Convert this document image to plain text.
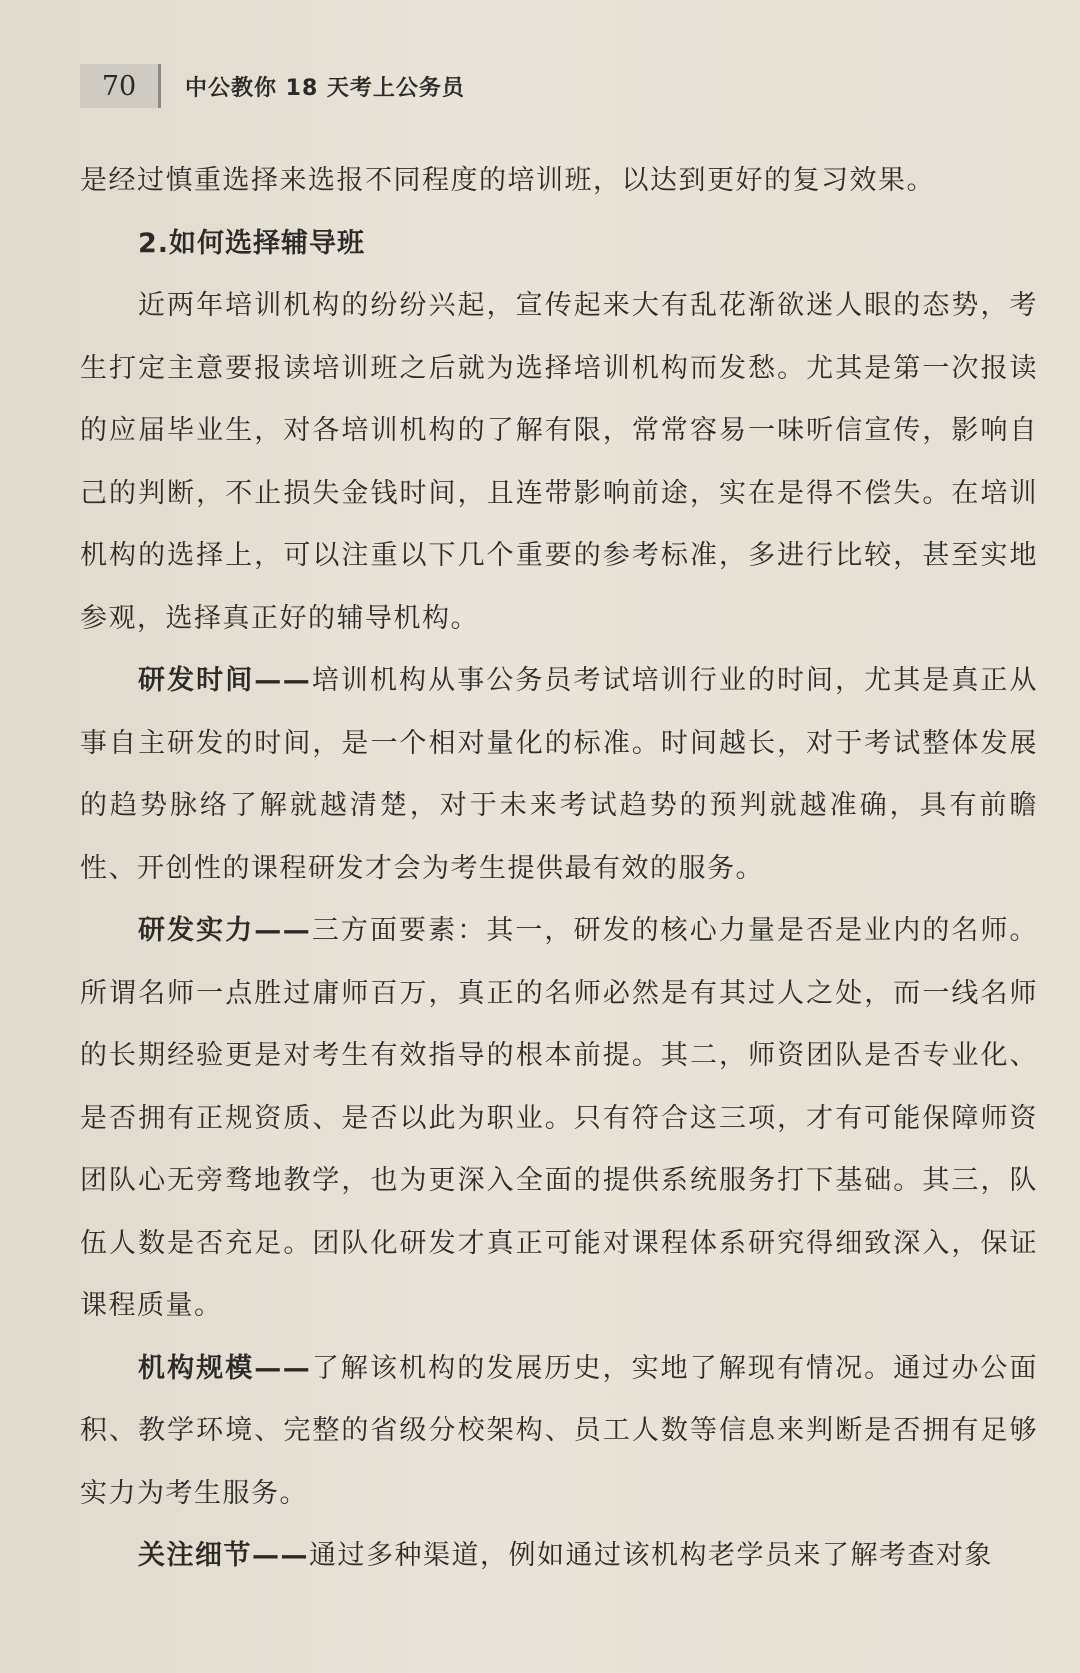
70	中公教你 18 天考上公务员

是经过慎重选择来选报不同程度的培训班，以达到更好的复习效果。

2.如何选择辅导班

近两年培训机构的纷纷兴起，宣传起来大有乱花渐欲迷人眼的态势，考生打定主意要报读培训班之后就为选择培训机构而发愁。尤其是第一次报读的应届毕业生，对各培训机构的了解有限，常常容易一味听信宣传，影响自己的判断，不止损失金钱时间，且连带影响前途，实在是得不偿失。在培训机构的选择上，可以注重以下几个重要的参考标准，多进行比较，甚至实地参观，选择真正好的辅导机构。

研发时间——培训机构从事公务员考试培训行业的时间，尤其是真正从事自主研发的时间，是一个相对量化的标准。时间越长，对于考试整体发展的趋势脉络了解就越清楚，对于未来考试趋势的预判就越准确，具有前瞻性、开创性的课程研发才会为考生提供最有效的服务。

研发实力——三方面要素：其一，研发的核心力量是否是业内的名师。所谓名师一点胜过庸师百万，真正的名师必然是有其过人之处，而一线名师的长期经验更是对考生有效指导的根本前提。其二，师资团队是否专业化、是否拥有正规资质、是否以此为职业。只有符合这三项，才有可能保障师资团队心无旁骛地教学，也为更深入全面的提供系统服务打下基础。其三，队伍人数是否充足。团队化研发才真正可能对课程体系研究得细致深入，保证课程质量。

机构规模——了解该机构的发展历史，实地了解现有情况。通过办公面积、教学环境、完整的省级分校架构、员工人数等信息来判断是否拥有足够实力为考生服务。

关注细节——通过多种渠道，例如通过该机构老学员来了解考查对象
